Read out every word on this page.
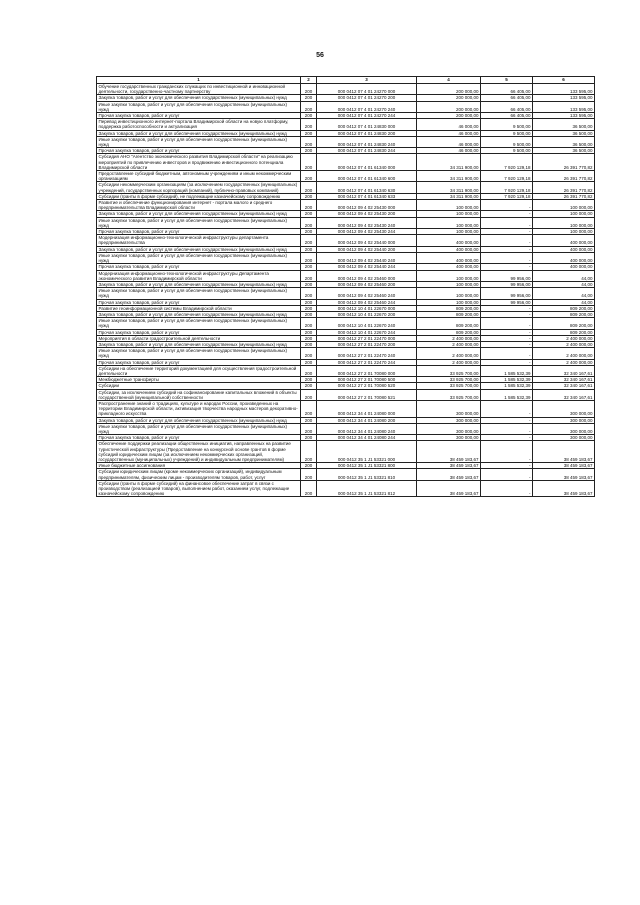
56
1	2	3	4	5	6
Обучение государственных гражданских служащих по инвестиционной и инновационной деятельности, государственно-частному партнерству	200	000 0412 07 4 01 24270 000	200 000,00	66 405,00	133 595,00
Закупка товаров, работ и услуг для обеспечения государственных (муниципальных) нужд	200	000 0412 07 4 01 24270 200	200 000,00	66 405,00	133 595,00
Иные закупки товаров, работ и услуг для обеспечения государственных (муниципальных) нужд	200	000 0412 07 4 01 24270 240	200 000,00	66 405,00	133 595,00
Прочая закупка товаров, работ и услуг	200	000 0412 07 4 01 24270 244	200 000,00	66 405,00	133 595,00
Перевод инвестиционного интернет-портала Владимирской области на новую платформу, поддержка работоспособности и актуализация	200	000 0412 07 4 01 24830 000	46 000,00	9 500,00	36 500,00
Закупка товаров, работ и услуг для обеспечения государственных (муниципальных) нужд	200	000 0412 07 4 01 24830 200	46 000,00	9 500,00	36 500,00
Иные закупки товаров, работ и услуг для обеспечения государственных (муниципальных) нужд	200	000 0412 07 4 01 24830 240	46 000,00	9 500,00	36 500,00
Прочая закупка товаров, работ и услуг	200	000 0412 07 4 01 24830 244	46 000,00	9 500,00	36 500,00
Субсидия АНО "Агентство экономического развития Владимирской области" на реализацию мероприятий по привлечению инвесторов и продвижению инвестиционного потенциала Владимирской области	200	000 0412 07 4 01 61340 000	34 311 900,00	7 920 129,18	26 391 770,82
Предоставление субсидий бюджетным, автономным учреждениям и иным некоммерческим организациям	200	000 0412 07 4 01 61340 600	34 311 900,00	7 920 129,18	26 391 770,82
Субсидии некоммерческим организациям (за исключением государственных (муниципальных) учреждений, государственных корпораций (компаний), публично-правовых компаний)	200	000 0412 07 4 01 61340 630	34 311 900,00	7 920 129,18	26 391 770,82
Субсидии (гранты в форме субсидий), не подлежащие казначейскому сопровождению	200	000 0412 07 4 01 61340 633	34 311 900,00	7 920 129,18	26 391 770,82
Развитие и обеспечение функционирования интернет - портала малого и среднего предпринимательства Владимирской области	200	000 0412 09 4 02 25430 000	100 000,00	-	100 000,00
Закупка товаров, работ и услуг для обеспечения государственных (муниципальных) нужд	200	000 0412 09 4 02 25430 200	100 000,00	-	100 000,00
Иные закупки товаров, работ и услуг для обеспечения государственных (муниципальных) нужд	200	000 0412 09 4 02 25430 240	100 000,00	-	100 000,00
Прочая закупка товаров, работ и услуг	200	000 0412 09 4 02 25430 244	100 000,00	-	100 000,00
Модернизация информационно-технологической инфраструктуры департамента предпринимательства	200	000 0412 09 4 02 25440 000	400 000,00	-	400 000,00
Закупка товаров, работ и услуг для обеспечения государственных (муниципальных) нужд	200	000 0412 09 4 02 25440 200	400 000,00	-	400 000,00
Иные закупки товаров, работ и услуг для обеспечения государственных (муниципальных) нужд	200	000 0412 09 4 02 25440 240	400 000,00	-	400 000,00
Прочая закупка товаров, работ и услуг	200	000 0412 09 4 02 25440 244	400 000,00	-	400 000,00
Модернизация информационно-технологической инфраструктуры Департамента экономического развития Владимирской области	200	000 0412 09 4 02 25460 000	100 000,00	99 956,00	44,00
Закупка товаров, работ и услуг для обеспечения государственных (муниципальных) нужд	200	000 0412 09 4 02 25460 200	100 000,00	99 956,00	44,00
Иные закупки товаров, работ и услуг для обеспечения государственных (муниципальных) нужд	200	000 0412 09 4 02 25460 240	100 000,00	99 956,00	44,00
Прочая закупка товаров, работ и услуг	200	000 0412 09 4 02 25460 244	100 000,00	99 956,00	44,00
Развитие геоинформационной системы Владимирской области	200	000 0412 10 4 01 22670 000	809 200,00	-	809 200,00
Закупка товаров, работ и услуг для обеспечения государственных (муниципальных) нужд	200	000 0412 10 4 01 22670 200	809 200,00	-	809 200,00
Иные закупки товаров, работ и услуг для обеспечения государственных (муниципальных) нужд	200	000 0412 10 4 01 22670 240	809 200,00	-	809 200,00
Прочая закупка товаров, работ и услуг	200	000 0412 10 4 01 22670 244	809 200,00	-	809 200,00
Мероприятия в области градостроительной деятельности	200	000 0412 27 2 01 22470 000	2 400 000,00	-	2 400 000,00
Закупка товаров, работ и услуг для обеспечения государственных (муниципальных) нужд	200	000 0412 27 2 01 22470 200	2 400 000,00	-	2 400 000,00
Иные закупки товаров, работ и услуг для обеспечения государственных (муниципальных) нужд	200	000 0412 27 2 01 22470 240	2 400 000,00	-	2 400 000,00
Прочая закупка товаров, работ и услуг	200	000 0412 27 2 01 22470 244	2 400 000,00	-	2 400 000,00
Субсидии на обеспечение территорий документацией для осуществления градостроительной деятельности	200	000 0412 27 2 01 70080 000	33 925 700,00	1 585 532,39	32 340 167,61
Межбюджетные трансферты	200	000 0412 27 2 01 70080 500	33 925 700,00	1 585 532,39	32 340 167,61
Субсидии	200	000 0412 27 2 01 70080 520	33 925 700,00	1 585 532,39	32 340 167,61
Субсидии, за исключением субсидий на софинансирование капитальных вложений в объекты государственной (муниципальной) собственности	200	000 0412 27 2 01 70080 521	33 925 700,00	1 585 532,39	32 340 167,61
Распространение знаний о традициях, культуре и народах России, произведенных на территории Владимирской области, активизация творчества народных мастеров декоративно-прикладного искусства	200	000 0412 34 4 01 24080 000	300 000,00	-	300 000,00
Закупка товаров, работ и услуг для обеспечения государственных (муниципальных) нужд	200	000 0412 34 4 01 24080 200	300 000,00	-	300 000,00
Иные закупки товаров, работ и услуг для обеспечения государственных (муниципальных) нужд	200	000 0412 34 4 01 24080 240	300 000,00	-	300 000,00
Прочая закупка товаров, работ и услуг	200	000 0412 34 4 01 24080 244	300 000,00	-	300 000,00
Обеспечение поддержки реализации общественных инициатив, направленных на развитие туристической инфраструктуры (Предоставление на конкурсной основе грантов в форме субсидий юридическим лицам (за исключением некоммерческих организаций, государственных (муниципальных) учреждений) и индивидуальным предпринимателям)	200	000 0412 35 1 J1 53321 000	38 459 183,67	-	38 459 183,67
Иные бюджетные ассигнования	200	000 0412 35 1 J1 53321 800	38 459 183,67	-	38 459 183,67
Субсидии юридическим лицам (кроме некоммерческих организаций), индивидуальным предпринимателям, физическим лицам - производителям товаров, работ, услуг	200	000 0412 35 1 J1 53321 810	38 459 183,67	-	38 459 183,67
Субсидии (гранты в форме субсидий) на финансовое обеспечение затрат в связи с производством (реализацией товаров), выполнением работ, оказанием услуг, подлежащие казначейскому сопровождению	200	000 0412 35 1 J1 53321 812	38 459 183,67	-	38 459 183,67
